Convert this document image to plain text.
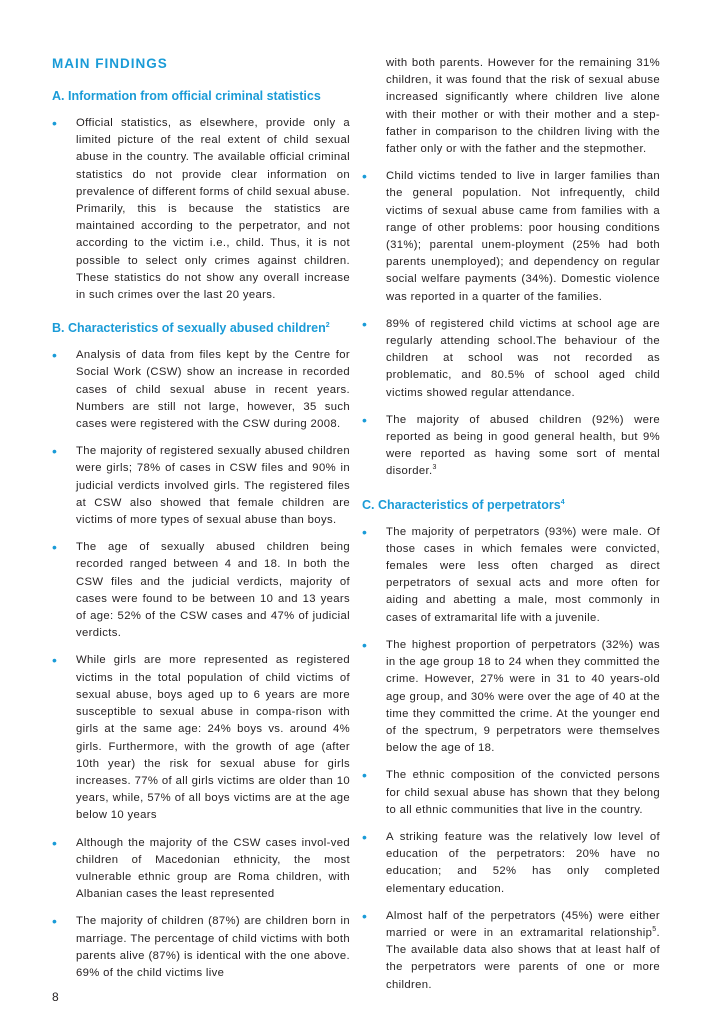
MAIN FINDINGS
A. Information from official criminal statistics
•	Official statistics, as elsewhere, provide only a limited picture of the real extent of child sexual abuse in the country. The available official criminal statistics do not provide clear information on prevalence of different forms of child sexual abuse. Primarily, this is because the statistics are maintained according to the perpetrator, and not according to the victim i.e., child. Thus, it is not possible to select only crimes against children. These statistics do not show any overall increase in such crimes over the last 20 years.
B. Characteristics of sexually abused children$^2$
•	Analysis of data from files kept by the Centre for Social Work (CSW) show an increase in recorded cases of child sexual abuse in recent years. Numbers are still not large, however, 35 such cases were registered with the CSW during 2008.
•	The majority of registered sexually abused children were girls; 78% of cases in CSW files and 90% in judicial verdicts involved girls. The registered files at CSW also showed that female children are victims of more types of sexual abuse than boys.
•	The age of sexually abused children being recorded ranged between 4 and 18. In both the CSW files and the judicial verdicts, majority of cases were found to be between 10 and 13 years of age: 52% of the CSW cases and 47% of judicial verdicts.
•	While girls are more represented as registered victims in the total population of child victims of sexual abuse, boys aged up to 6 years are more susceptible to sexual abuse in compa-rison with girls at the same age: 24% boys vs. around 4% girls. Furthermore, with the growth of age (after 10th year) the risk for sexual abuse for girls increases. 77% of all girls victims are older than 10 years, while, 57% of all boys victims are at the age below 10 years
•	Although the majority of the CSW cases invol-ved children of Macedonian ethnicity, the most vulnerable ethnic group are Roma children, with Albanian cases the least represented
•	The majority of children (87%) are children born in marriage. The percentage of child victims with both parents alive (87%) is identical with the one above. 69% of the child victims live

with both parents. However for the remaining 31% children, it was found that the risk of sexual abuse increased significantly where children live alone with their mother or with their mother and a step-father in comparison to the children living with the father only or with the father and the stepmother.

•	Child victims tended to live in larger families than the general population. Not infrequently, child victims of sexual abuse came from families with a range of other problems: poor housing conditions (31%); parental unem-ployment (25% had both parents unemployed); and dependency on regular social welfare payments (34%). Domestic violence was reported in a quarter of the families.
•	89% of registered child victims at school age are regularly attending school.The behaviour of the children at school was not recorded as problematic, and 80.5% of school aged child victims showed regular attendance.
•	The majority of abused children (92%) were reported as being in good general health, but 9% were reported as having some sort of mental disorder.$^3$
C. Characteristics of perpetrators$^4$
•	The majority of perpetrators (93%) were male. Of those cases in which females were convicted, females were less often charged as direct perpetrators of sexual acts and more often for aiding and abetting a male, most commonly in cases of extramarital life with a juvenile.
•	The highest proportion of perpetrators (32%) was in the age group 18 to 24 when they committed the crime. However, 27% were in 31 to 40 years-old age group, and 30% were over the age of 40 at the time they committed the crime. At the younger end of the spectrum, 9 perpetrators were themselves below the age of 18.
•	The ethnic composition of the convicted persons for child sexual abuse has shown that they belong to all ethnic communities that live in the country.
•	A striking feature was the relatively low level of education of the perpetrators: 20% have no education; and 52% has only completed elementary education.
•	Almost half of the perpetrators (45%) were either married or were in an extramarital relationship$^5$. The available data also shows that at least half of the perpetrators were parents of one or more children.
8
